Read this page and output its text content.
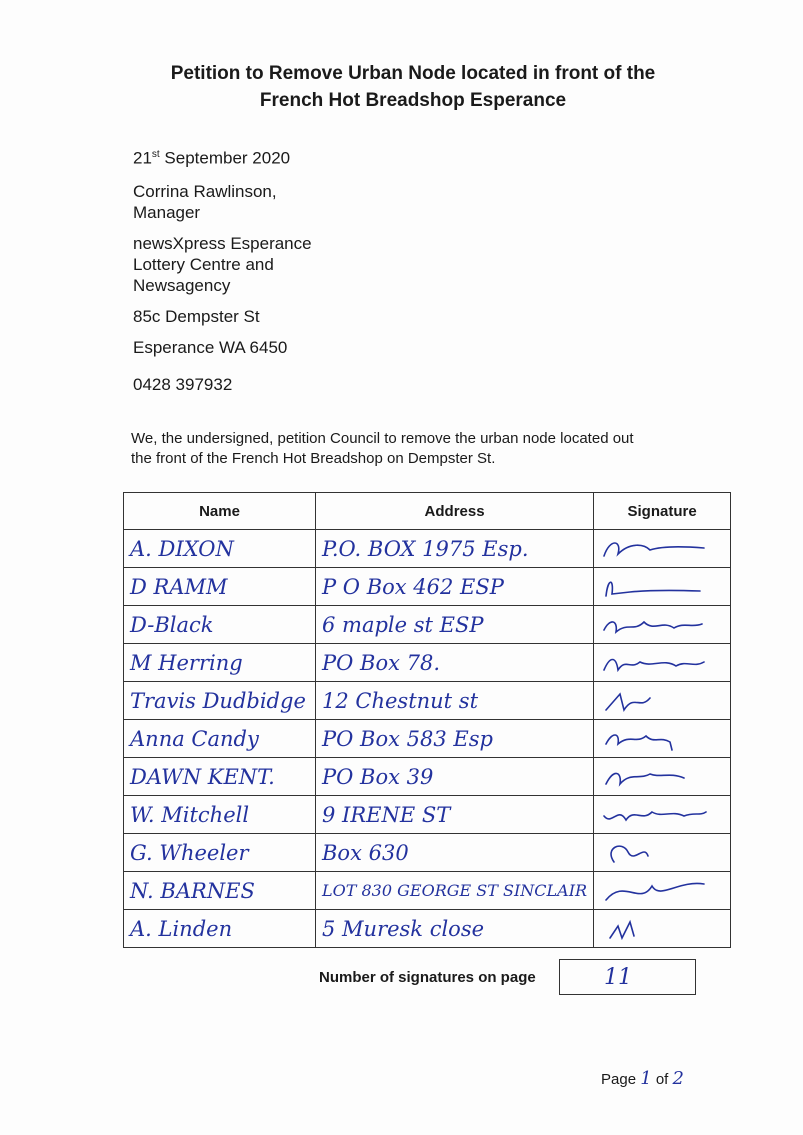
Petition to Remove Urban Node located in front of the
French Hot Breadshop Esperance
21st September 2020
Corrina Rawlinson,
Manager
newsXpress Esperance
Lottery Centre and
Newsagency
85c Dempster St
Esperance WA 6450
0428 397932
We, the undersigned, petition Council to remove the urban node located out
the front of the French Hot Breadshop on Dempster St.
Name	Address	Signature
A. DIXON	P.O. BOX 1975 Esp.	

D RAMM	P O Box 462 ESP	

D-Black	6 maple st ESP	

M Herring	PO Box 78.	

Travis Dudbidge	12 Chestnut st	

Anna Candy	PO Box 583 Esp	

DAWN KENT.	PO Box 39	

W. Mitchell	9 IRENE ST	

G. Wheeler	Box 630	

N. BARNES	LOT 830 GEORGE ST SINCLAIR	

A. Linden	5 Muresk close	
Number of signatures on page	11
Page 1 of 2
